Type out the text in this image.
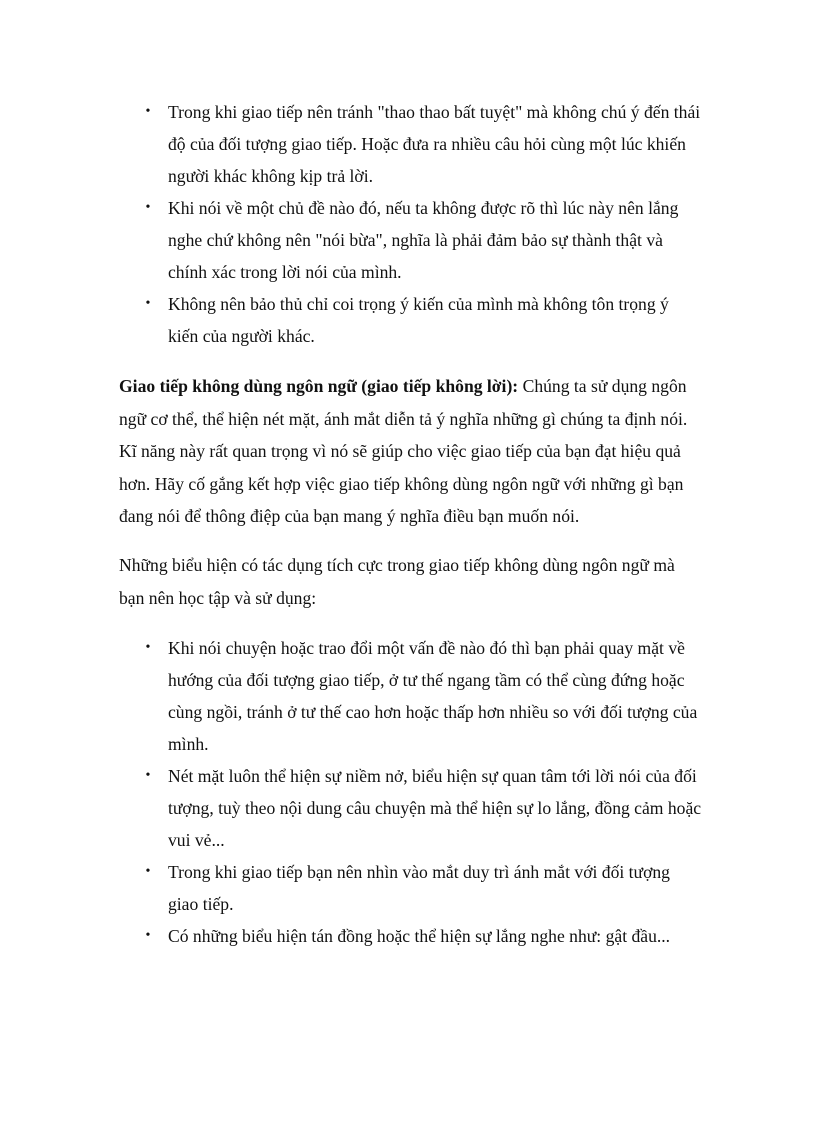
• Trong khi giao tiếp nên tránh "thao thao bất tuyệt" mà không chú ý đến thái độ của đối tượng giao tiếp. Hoặc đưa ra nhiều câu hỏi cùng một lúc khiến người khác không kịp trả lời.
• Khi nói về một chủ đề nào đó, nếu ta không được rõ thì lúc này nên lắng nghe chứ không nên "nói bừa", nghĩa là phải đảm bảo sự thành thật và chính xác trong lời nói của mình.
• Không nên bảo thủ chỉ coi trọng ý kiến của mình mà không tôn trọng ý kiến của người khác.

Giao tiếp không dùng ngôn ngữ (giao tiếp không lời): Chúng ta sử dụng ngôn ngữ cơ thể, thể hiện nét mặt, ánh mắt diễn tả ý nghĩa những gì chúng ta định nói. Kĩ năng này rất quan trọng vì nó sẽ giúp cho việc giao tiếp của bạn đạt hiệu quả hơn. Hãy cố gắng kết hợp việc giao tiếp không dùng ngôn ngữ với những gì bạn đang nói để thông điệp của bạn mang ý nghĩa điều bạn muốn nói.

Những biểu hiện có tác dụng tích cực trong giao tiếp không dùng ngôn ngữ mà bạn nên học tập và sử dụng:

• Khi nói chuyện hoặc trao đổi một vấn đề nào đó thì bạn phải quay mặt về hướng của đối tượng giao tiếp, ở tư thế ngang tầm có thể cùng đứng hoặc cùng ngồi, tránh ở tư thế cao hơn hoặc thấp hơn nhiều so với đối tượng của mình.
• Nét mặt luôn thể hiện sự niềm nở, biểu hiện sự quan tâm tới lời nói của đối tượng, tuỳ theo nội dung câu chuyện mà thể hiện sự lo lắng, đồng cảm hoặc vui vẻ...
• Trong khi giao tiếp bạn nên nhìn vào mắt duy trì ánh mắt với đối tượng giao tiếp.
• Có những biểu hiện tán đồng hoặc thể hiện sự lắng nghe như: gật đầu...
